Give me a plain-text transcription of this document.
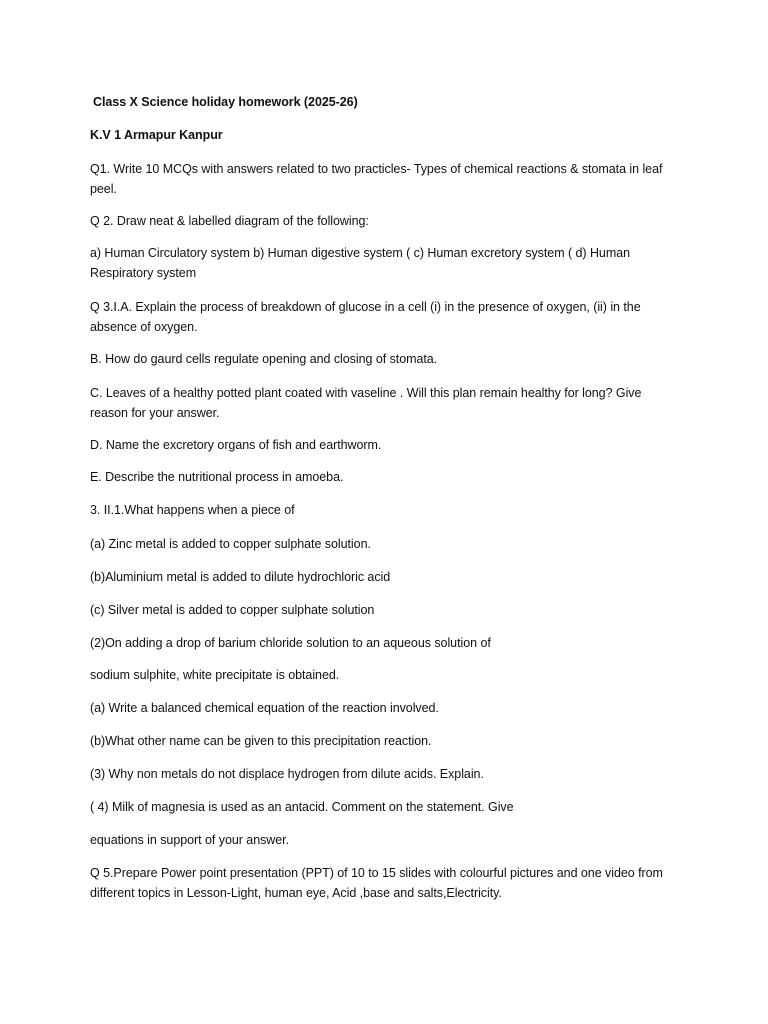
Class X Science holiday homework (2025-26)

K.V 1 Armapur Kanpur

Q1. Write 10 MCQs with answers related to two practicles- Types of chemical reactions & stomata in leaf peel.

Q 2. Draw neat & labelled diagram of the following:

a) Human Circulatory system b) Human digestive system ( c) Human excretory system ( d) Human Respiratory system

Q 3.I.A. Explain the process of breakdown of glucose in a cell (i) in the presence of oxygen, (ii) in the absence of oxygen.

B. How do gaurd cells regulate opening and closing of stomata.

C. Leaves of a healthy potted plant coated with vaseline . Will this plan remain healthy for long? Give reason for your answer.

D. Name the excretory organs of fish and earthworm.

E. Describe the nutritional process in amoeba.

3. II.1.What happens when a piece of

(a) Zinc metal is added to copper sulphate solution.

(b)Aluminium metal is added to dilute hydrochloric acid

(c) Silver metal is added to copper sulphate solution

(2)On adding a drop of barium chloride solution to an aqueous solution of

sodium sulphite, white precipitate is obtained.

(a) Write a balanced chemical equation of the reaction involved.

(b)What other name can be given to this precipitation reaction.

(3) Why non metals do not displace hydrogen from dilute acids. Explain.

( 4) Milk of magnesia is used as an antacid. Comment on the statement. Give

equations in support of your answer.

Q 5.Prepare Power point presentation (PPT) of 10 to 15 slides with colourful pictures and one video from different topics in Lesson-Light, human eye, Acid ,base and salts,Electricity.
